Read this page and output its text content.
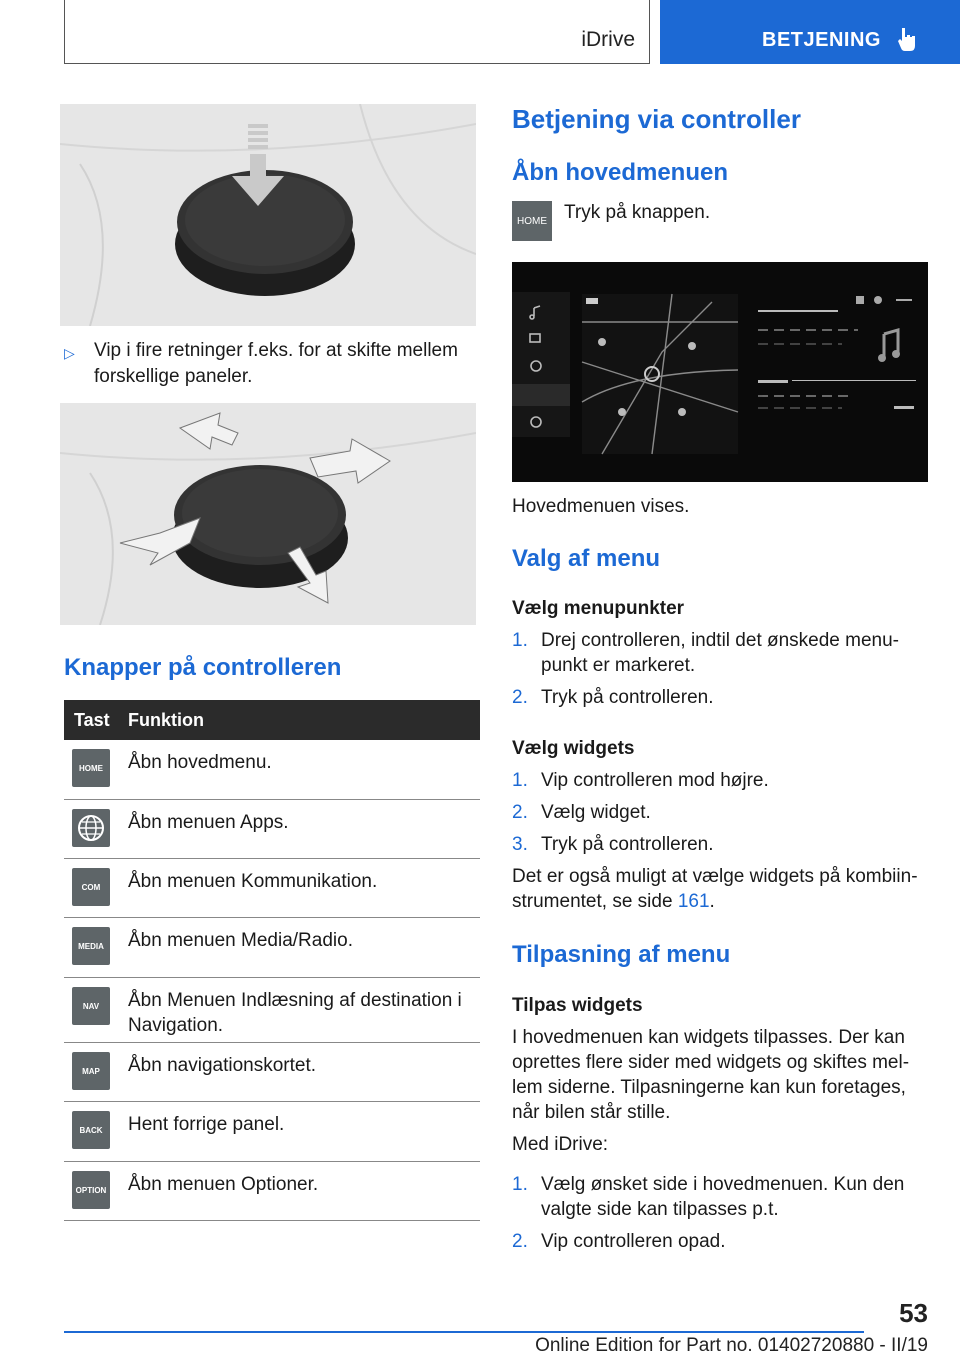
iDrive	BETJENING
▷ Vip i fire retninger f.eks. for at skifte mellem forskellige paneler.
Knapper på controlleren
Tast Funktion
HOME	Åbn hovedmenu.
Åbn menuen Apps.
COM	Åbn menuen Kommunikation.
MEDIA	Åbn menuen Media/Radio.
NAV	Åbn Menuen Indlæsning af destination i Navigation.
MAP	Åbn navigationskortet.
BACK	Hent forrige panel.
OPTION Åbn menuen Optioner.
Betjening via controller
Åbn hovedmenuen
HOME Tryk på knappen.

Hovedmenuen vises.

Valg af menu
Vælg menupunkter
1. Drej controlleren, indtil det ønskede menu- punkt er markeret.
2. Tryk på controlleren.
Vælg widgets
1. Vip controlleren mod højre.
2. Vælg widget.
3. Tryk på controlleren.

Det er også muligt at vælge widgets på kombiin- strumentet, se side 161.

Tilpasning af menu
Tilpas widgets

I hovedmenuen kan widgets tilpasses. Der kan oprettes flere sider med widgets og skiftes mel- lem siderne. Tilpasningerne kan kun foretages, når bilen står stille.

Med iDrive:

1. Vælg ønsket side i hovedmenuen. Kun den valgte side kan tilpasses p.t.
2. Vip controlleren opad.
53
Online Edition for Part no. 01402720880 - II/19
